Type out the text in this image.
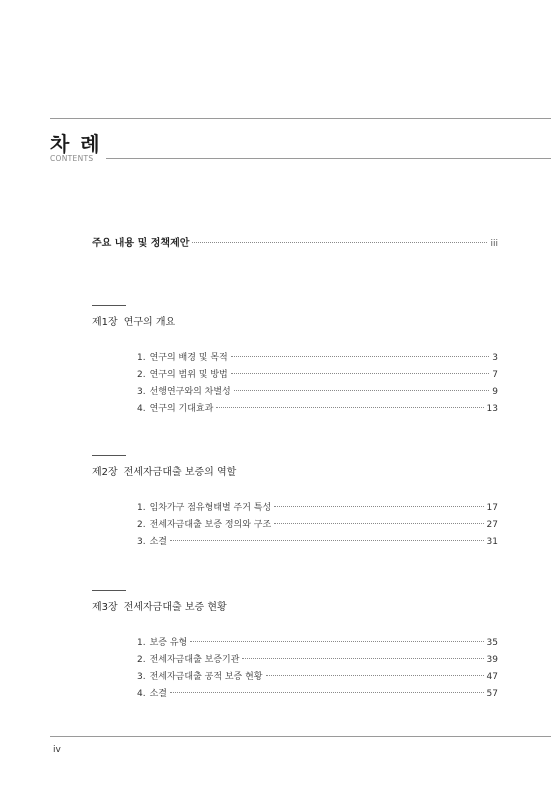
차 례
CONTENTS
주요 내용 및 정책제안	iii
제1장 연구의 개요
1. 연구의 배경 및 목적	3
2. 연구의 범위 및 방법	7
3. 선행연구와의 차별성	9
4. 연구의 기대효과	13
제2장 전세자금대출 보증의 역할
1. 임차가구 점유형태별 주거 특성	17
2. 전세자금대출 보증 정의와 구조	27
3. 소결	31
제3장 전세자금대출 보증 현황
1. 보증 유형	35
2. 전세자금대출 보증기관	39
3. 전세자금대출 공적 보증 현황	47
4. 소결	57
iv
